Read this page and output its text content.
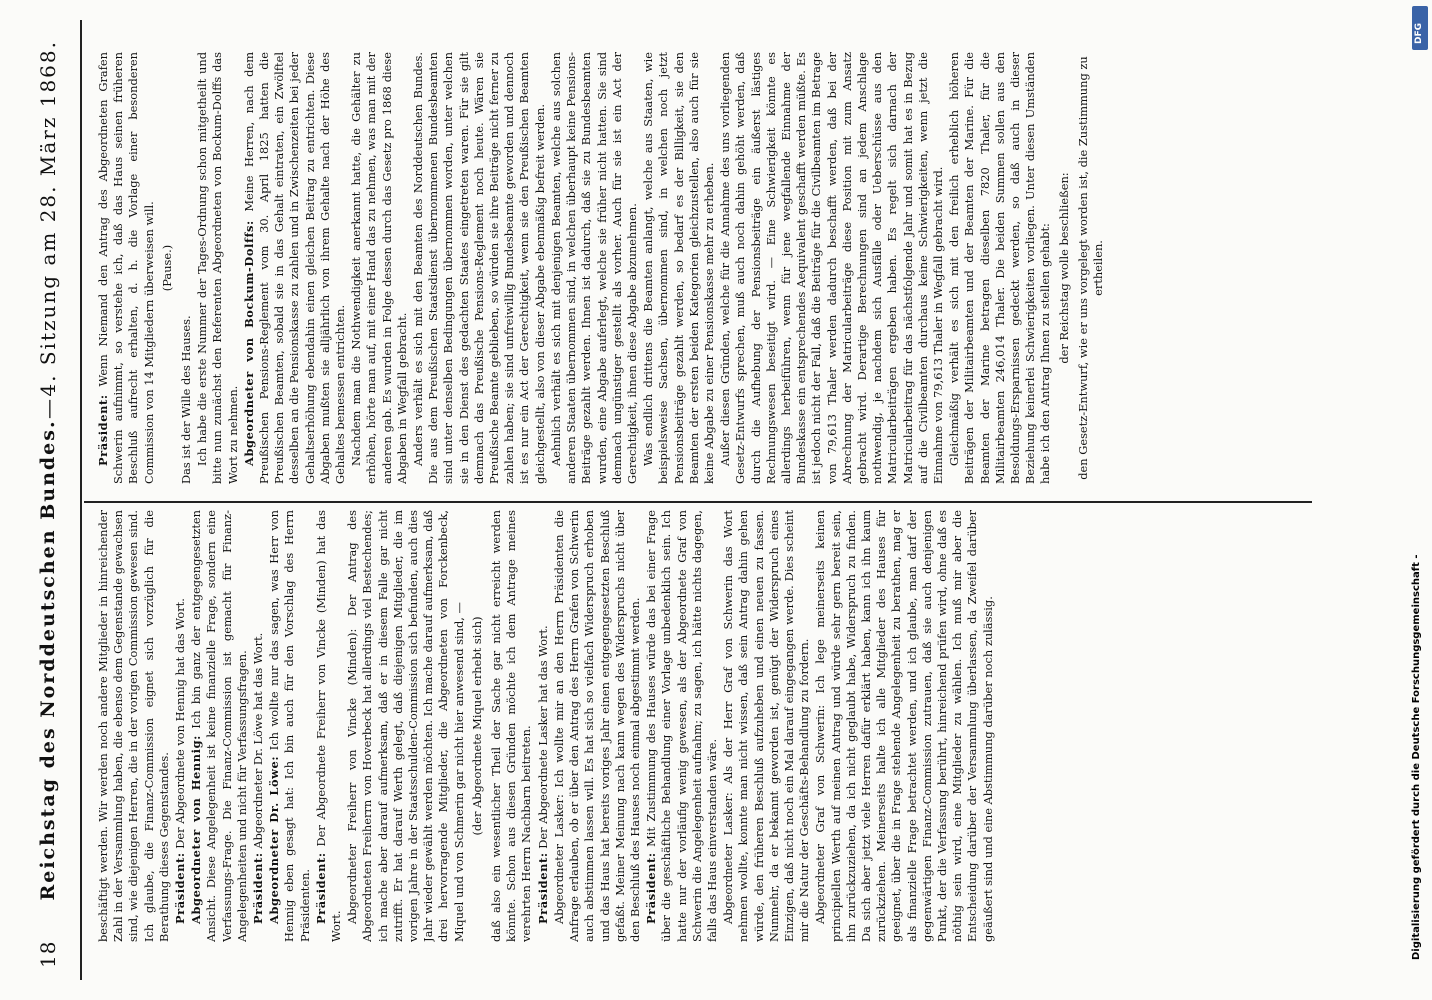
18
Reichstag des Norddeutschen Bundes.
—
4. Sitzung am 28. März 1868.

beschäftigt werden. Wir werden noch andere Mitglieder in hinreichender Zahl in der Versammlung haben, die ebenso dem Gegenstande gewachsen sind, wie diejenigen Herren, die in der vorigen Commission gewesen sind. Ich glaube, die Finanz-Commission eignet sich vorzüglich für die Berathung dieses Gegenstandes. Präsident: Der Abgeordnete von Hennig hat das Wort. Abgeordneter von Hennig: Ich bin ganz der entgegengesetzten Ansicht. Diese Angelegenheit ist keine finanzielle Frage, sondern eine Verfassungs-Frage. Die Finanz-Commission ist gemacht für Finanz-Angelegenheiten und nicht für Verfassungsfragen. Präsident: Abgeordneter Dr. Löwe hat das Wort. Abgeordneter Dr. Löwe: Ich wollte nur das sagen, was Herr von Hennig eben gesagt hat: Ich bin auch für den Vorschlag des Herrn Präsidenten. Präsident: Der Abgeordnete Freiherr von Vincke (Minden) hat das Wort.

Abgeordneter Freiherr von Vincke (Minden): Der Antrag des Abgeordneten Freiherrn von Hoverbeck hat allerdings viel Bestechendes; ich mache aber darauf aufmerksam, daß er in diesem Falle gar nicht zutrifft. Er hat darauf Werth gelegt, daß diejenigen Mitglieder, die im vorigen Jahre in der Staatsschulden-Commission sich befunden, auch dies Jahr wieder gewählt werden möchten. Ich mache darauf aufmerksam, daß drei hervorragende Mitglieder, die Abgeordneten von Forckenbeck, Miquel und von Schmerin gar nicht hier anwesend sind, — (der Abgeordnete Miquel erhebt sich) daß also ein wesentlicher Theil der Sache gar nicht erreicht werden könnte. Schon aus diesen Gründen möchte ich dem Antrage meines verehrten Herrn Nachbarn beitreten. Präsident: Der Abgeordnete Lasker hat das Wort. Abgeordneter Lasker: Ich wollte mir an den Herrn Präsidenten die Anfrage erlauben, ob er über den Antrag des Herrn Grafen von Schwerin auch abstimmen lassen will. Es hat sich so vielfach Widerspruch erhoben und das Haus hat bereits voriges Jahr einen entgegengesetzten Beschluß gefaßt. Meiner Meinung nach kann wegen des Widerspruchs nicht über den Beschluß des Hauses noch einmal abgestimmt werden. Präsident: Mit Zustimmung des Hauses würde das bei einer Frage über die geschäftliche Behandlung einer Vorlage unbedenklich sein. Ich hatte nur der vorläufig wenig gewesen, als der Abgeordnete Graf von Schwerin die Angelegenheit aufnahm; zu sagen, ich hätte nichts dagegen, falls das Haus einverstanden wäre. Abgeordneter Lasker: Als der Herr Graf von Schwerin das Wort nehmen wollte, konnte man nicht wissen, daß sein Antrag dahin gehen würde, den früheren Beschluß aufzuheben und einen neuen zu fassen. Nunmehr, da er bekannt geworden ist, genügt der Widerspruch eines Einzigen, daß nicht noch ein Mal darauf eingegangen werde. Dies scheint mir die Natur der Geschäfts-Behandlung zu fordern. Abgeordneter Graf von Schwerin: Ich lege meinerseits keinen principiellen Werth auf meinen Antrag und würde sehr gern bereit sein, ihn zurückzuziehen, da ich nicht geglaubt habe, Widerspruch zu finden. Da sich aber jetzt viele Herren dafür erklärt haben, kann ich ihn kaum zurückziehen. Meinerseits halte ich alle Mitglieder des Hauses für geeignet, über die in Frage stehende Angelegenheit zu berathen, mag er als finanzielle Frage betrachtet werden, und ich glaube, man darf der gegenwärtigen Finanz-Commission zutrauen, daß sie auch denjenigen Punkt, der die Verfassung berührt, hinreichend prüfen wird, ohne daß es nöthig sein wird, eine Mitglieder zu wählen. Ich muß mir aber die Entscheidung darüber der Versammlung überlassen, da Zweifel darüber geäußert sind und eine Abstimmung darüber noch zulässig.

Präsident: Wenn Niemand den Antrag des Abgeordneten Grafen Schwerin aufnimmt, so verstehe ich, daß das Haus seinen früheren Beschluß aufrecht erhalten, d. h. die Vorlage einer besonderen Commission von 14 Mitgliedern überweisen will. (Pause.)

Das ist der Wille des Hauses. Ich habe die erste Nummer der Tages-Ordnung schon mitgetheilt und bitte nun zunächst den Referenten Abgeordneten von Bockum-Dolffs das Wort zu nehmen. Abgeordneter von Bockum-Dolffs: Meine Herren, nach dem Preußischen Pensions-Reglement vom 30. April 1825 hatten die Preußischen Beamten, sobald sie in das Gehalt eintraten, ein Zwölftel desselben an die Pensionskasse zu zahlen und in Zwischenzeiten bei jeder Gehaltserhöhung ebendahin einen gleichen Beitrag zu entrichten. Diese Abgaben mußten sie alljährlich von ihrem Gehalte nach der Höhe des Gehaltes bemessen entrichten. Nachdem man die Nothwendigkeit anerkannt hatte, die Gehälter zu erhöhen, hörte man auf, mit einer Hand das zu nehmen, was man mit der anderen gab. Es wurden in Folge dessen durch das Gesetz pro 1868 diese Abgaben in Wegfall gebracht. Anders verhält es sich mit den Beamten des Norddeutschen Bundes. Die aus dem Preußischen Staatsdienst übernommenen Bundesbeamten sind unter denselben Bedingungen übernommen worden, unter welchen sie in den Dienst des gedachten Staates eingetreten waren. Für sie gilt demnach das Preußische Pensions-Reglement noch heute. Wären sie Preußische Beamte geblieben, so würden sie ihre Beiträge nicht ferner zu zahlen haben; sie sind unfreiwillig Bundesbeamte geworden und dennoch ist es nur ein Act der Gerechtigkeit, wenn sie den Preußischen Beamten gleichgestellt, also von dieser Abgabe ebenmäßig befreit werden. Aehnlich verhält es sich mit denjenigen Beamten, welche aus solchen anderen Staaten übernommen sind, in welchen überhaupt keine Pensions-Beiträge gezahlt werden. Ihnen ist dadurch, daß sie zu Bundesbeamten wurden, eine Abgabe auferlegt, welche sie früher nicht hatten. Sie sind demnach ungünstiger gestellt als vorher. Auch für sie ist ein Act der Gerechtigkeit, ihnen diese Abgabe abzunehmen. Was endlich drittens die Beamten anlangt, welche aus Staaten, wie beispielsweise Sachsen, übernommen sind, in welchen noch jetzt Pensionsbeiträge gezahlt werden, so bedarf es der Billigkeit, sie den Beamten der ersten beiden Kategorien gleichzustellen, also auch für sie keine Abgabe zu einer Pensionskasse mehr zu erheben. Außer diesen Gründen, welche für die Annahme des uns vorliegenden Gesetz-Entwurfs sprechen, muß auch noch dahin gehöht werden, daß durch die Aufhebung der Pensionsbeiträge ein äußerst lästiges Rechnungswesen beseitigt wird. — Eine Schwierigkeit könnte es allerdings herbeiführen, wenn für jene wegfallende Einnahme der Bundeskasse ein entsprechendes Aequivalent geschafft werden müßte. Es ist jedoch nicht der Fall, daß die Beiträge für die Civilbeamten im Betrage von 79,613 Thaler werden dadurch beschafft werden, daß bei der Abrechnung der Matricularbeiträge diese Position mit zum Ansatz gebracht wird. Derartige Berechnungen sind an jedem Anschlage nothwendig, je nachdem sich Ausfälle oder Ueberschüsse aus den Matricularbeiträgen ergeben haben. Es regelt sich darnach der Matricularbeitrag für das nächstfolgende Jahr und somit hat es in Bezug auf die Civilbeamten durchaus keine Schwierigkeiten, wenn jetzt die Einnahme von 79,613 Thaler in Wegfall gebracht wird. Gleichmäßig verhält es sich mit den freilich erheblich höheren Beiträgen der Militairbeamten und der Beamten der Marine. Für die Beamten der Marine betragen dieselben 7820 Thaler, für die Militairbeamten 246,014 Thaler. Die beiden Summen sollen aus den Besoldungs-Ersparnissen gedeckt werden, so daß auch in dieser Beziehung keinerlei Schwierigkeiten vorliegen. Unter diesen Umständen habe ich den Antrag Ihnen zu stellen gehabt: der Reichstag wolle beschließen: den Gesetz-Entwurf, wie er uns vorgelegt worden ist, die Zustimmung zu ertheilen.

DFG
Digitalisierung gefördert durch die Deutsche Forschungsgemeinschaft -
